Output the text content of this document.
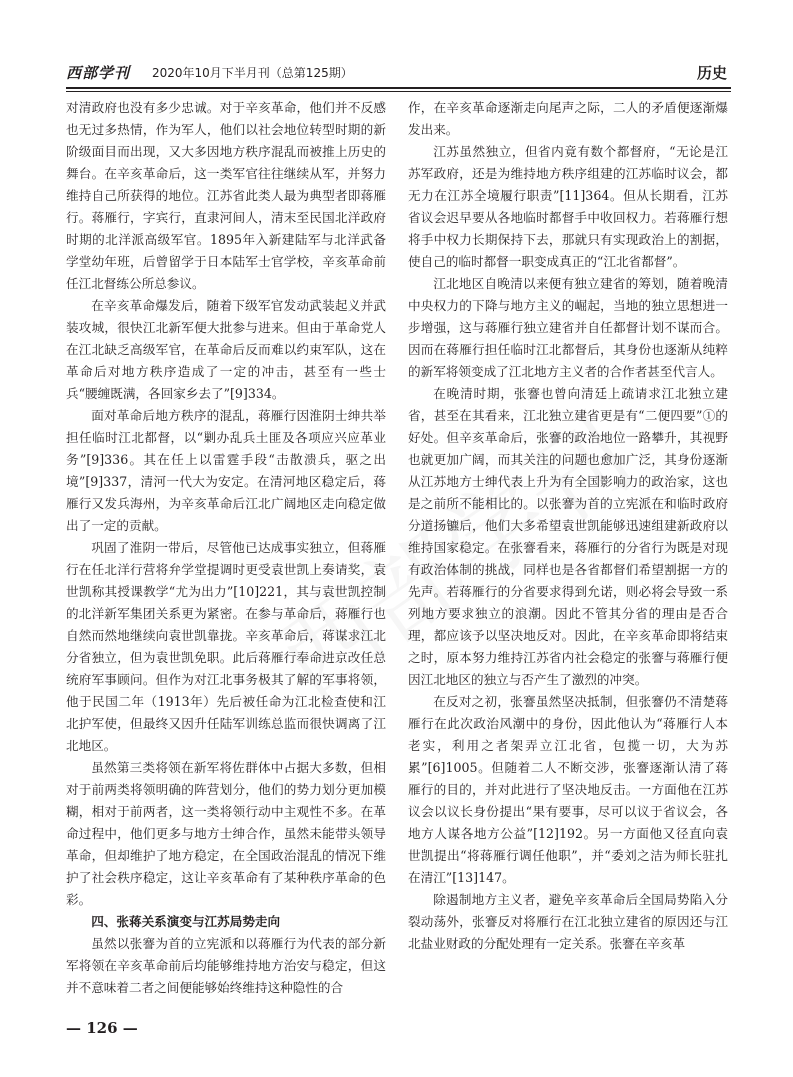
西部学刊 2020年10月下半月刊（总第125期）	历史

对清政府也没有多少忠诚。对于辛亥革命，他们并不反感也无过多热情，作为军人，他们以社会地位转型时期的新阶级面目而出现，又大多因地方秩序混乱而被推上历史的舞台。在辛亥革命后，这一类军官往往继续从军，并努力维持自己所获得的地位。江苏省此类人最为典型者即蒋雁行。蒋雁行，字宾行，直隶河间人，清末至民国北洋政府时期的北洋派高级军官。1895年入新建陆军与北洋武备学堂幼年班，后曾留学于日本陆军士官学校，辛亥革命前任江北督练公所总参议。

在辛亥革命爆发后，随着下级军官发动武装起义并武装攻城，很快江北新军便大批参与进来。但由于革命党人在江北缺乏高级军官，在革命后反而难以约束军队，这在革命后对地方秩序造成了一定的冲击，甚至有一些士兵“腰缠既满，各回家乡去了”[9]334。

面对革命后地方秩序的混乱，蒋雁行因淮阴士绅共举担任临时江北都督，以“剿办乱兵土匪及各项应兴应革业务”[9]336。其在任上以雷霆手段“击散溃兵，驱之出境”[9]337，清河一代大为安定。在清河地区稳定后，蒋雁行又发兵海州，为辛亥革命后江北广阔地区走向稳定做出了一定的贡献。

巩固了淮阴一带后，尽管他已达成事实独立，但蒋雁行在任北洋行营将弁学堂提调时更受袁世凯上奏请奖，袁世凯称其授课教学“尤为出力”[10]221，其与袁世凯控制的北洋新军集团关系更为紧密。在参与革命后，蒋雁行也自然而然地继续向袁世凯靠拢。辛亥革命后，蒋谋求江北分省独立，但为袁世凯免职。此后蒋雁行奉命进京改任总统府军事顾问。但作为对江北事务极其了解的军事将领，他于民国二年（1913年）先后被任命为江北检查使和江北护军使，但最终又因升任陆军训练总监而很快调离了江北地区。

虽然第三类将领在新军将佐群体中占据大多数，但相对于前两类将领明确的阵营划分，他们的势力划分更加模糊，相对于前两者，这一类将领行动中主观性不多。在革命过程中，他们更多与地方士绅合作，虽然未能带头领导革命，但却维护了地方稳定，在全国政治混乱的情况下维护了社会秩序稳定，这让辛亥革命有了某种秩序革命的色彩。

四、张蒋关系演变与江苏局势走向

虽然以张謇为首的立宪派和以蒋雁行为代表的部分新军将领在辛亥革命前后均能够维持地方治安与稳定，但这并不意味着二者之间便能够始终维持这种隐性的合

作，在辛亥革命逐渐走向尾声之际，二人的矛盾便逐渐爆发出来。

江苏虽然独立，但省内竟有数个都督府，“无论是江苏军政府，还是为维持地方秩序组建的江苏临时议会，都无力在江苏全境履行职责”[11]364。但从长期看，江苏省议会迟早要从各地临时都督手中收回权力。若蒋雁行想将手中权力长期保持下去，那就只有实现政治上的割据，使自己的临时都督一职变成真正的“江北省都督”。

江北地区自晚清以来便有独立建省的筹划，随着晚清中央权力的下降与地方主义的崛起，当地的独立思想进一步增强，这与蒋雁行独立建省并自任都督计划不谋而合。因而在蒋雁行担任临时江北都督后，其身份也逐渐从纯粹的新军将领变成了江北地方主义者的合作者甚至代言人。

在晚清时期，张謇也曾向清廷上疏请求江北独立建省，甚至在其看来，江北独立建省更是有“二便四要”①的好处。但辛亥革命后，张謇的政治地位一路攀升，其视野也就更加广阔，而其关注的问题也愈加广泛，其身份逐渐从江苏地方士绅代表上升为有全国影响力的政治家，这也是之前所不能相比的。以张謇为首的立宪派在和临时政府分道扬镳后，他们大多希望袁世凯能够迅速组建新政府以维持国家稳定。在张謇看来，蒋雁行的分省行为既是对现有政治体制的挑战，同样也是各省都督们希望割据一方的先声。若蒋雁行的分省要求得到允诺，则必将会导致一系列地方要求独立的浪潮。因此不管其分省的理由是否合理，都应该予以坚决地反对。因此，在辛亥革命即将结束之时，原本努力维持江苏省内社会稳定的张謇与蒋雁行便因江北地区的独立与否产生了激烈的冲突。

在反对之初，张謇虽然坚决抵制，但张謇仍不清楚蒋雁行在此次政治风潮中的身份，因此他认为“蒋雁行人本老实，利用之者架弄立江北省，包揽一切，大为苏累”[6]1005。但随着二人不断交涉，张謇逐渐认清了蒋雁行的目的，并对此进行了坚决地反击。一方面他在江苏议会以议长身份提出“果有要事，尽可以议于省议会，各地方人谋各地方公益”[12]192。另一方面他又径直向袁世凯提出“将蒋雁行调任他职”，并“委刘之洁为师长驻扎在清江”[13]147。

除遏制地方主义者，避免辛亥革命后全国局势陷入分裂动荡外，张謇反对将雁行在江北独立建省的原因还与江北盐业财政的分配处理有一定关系。张謇在辛亥革

— 126 —
